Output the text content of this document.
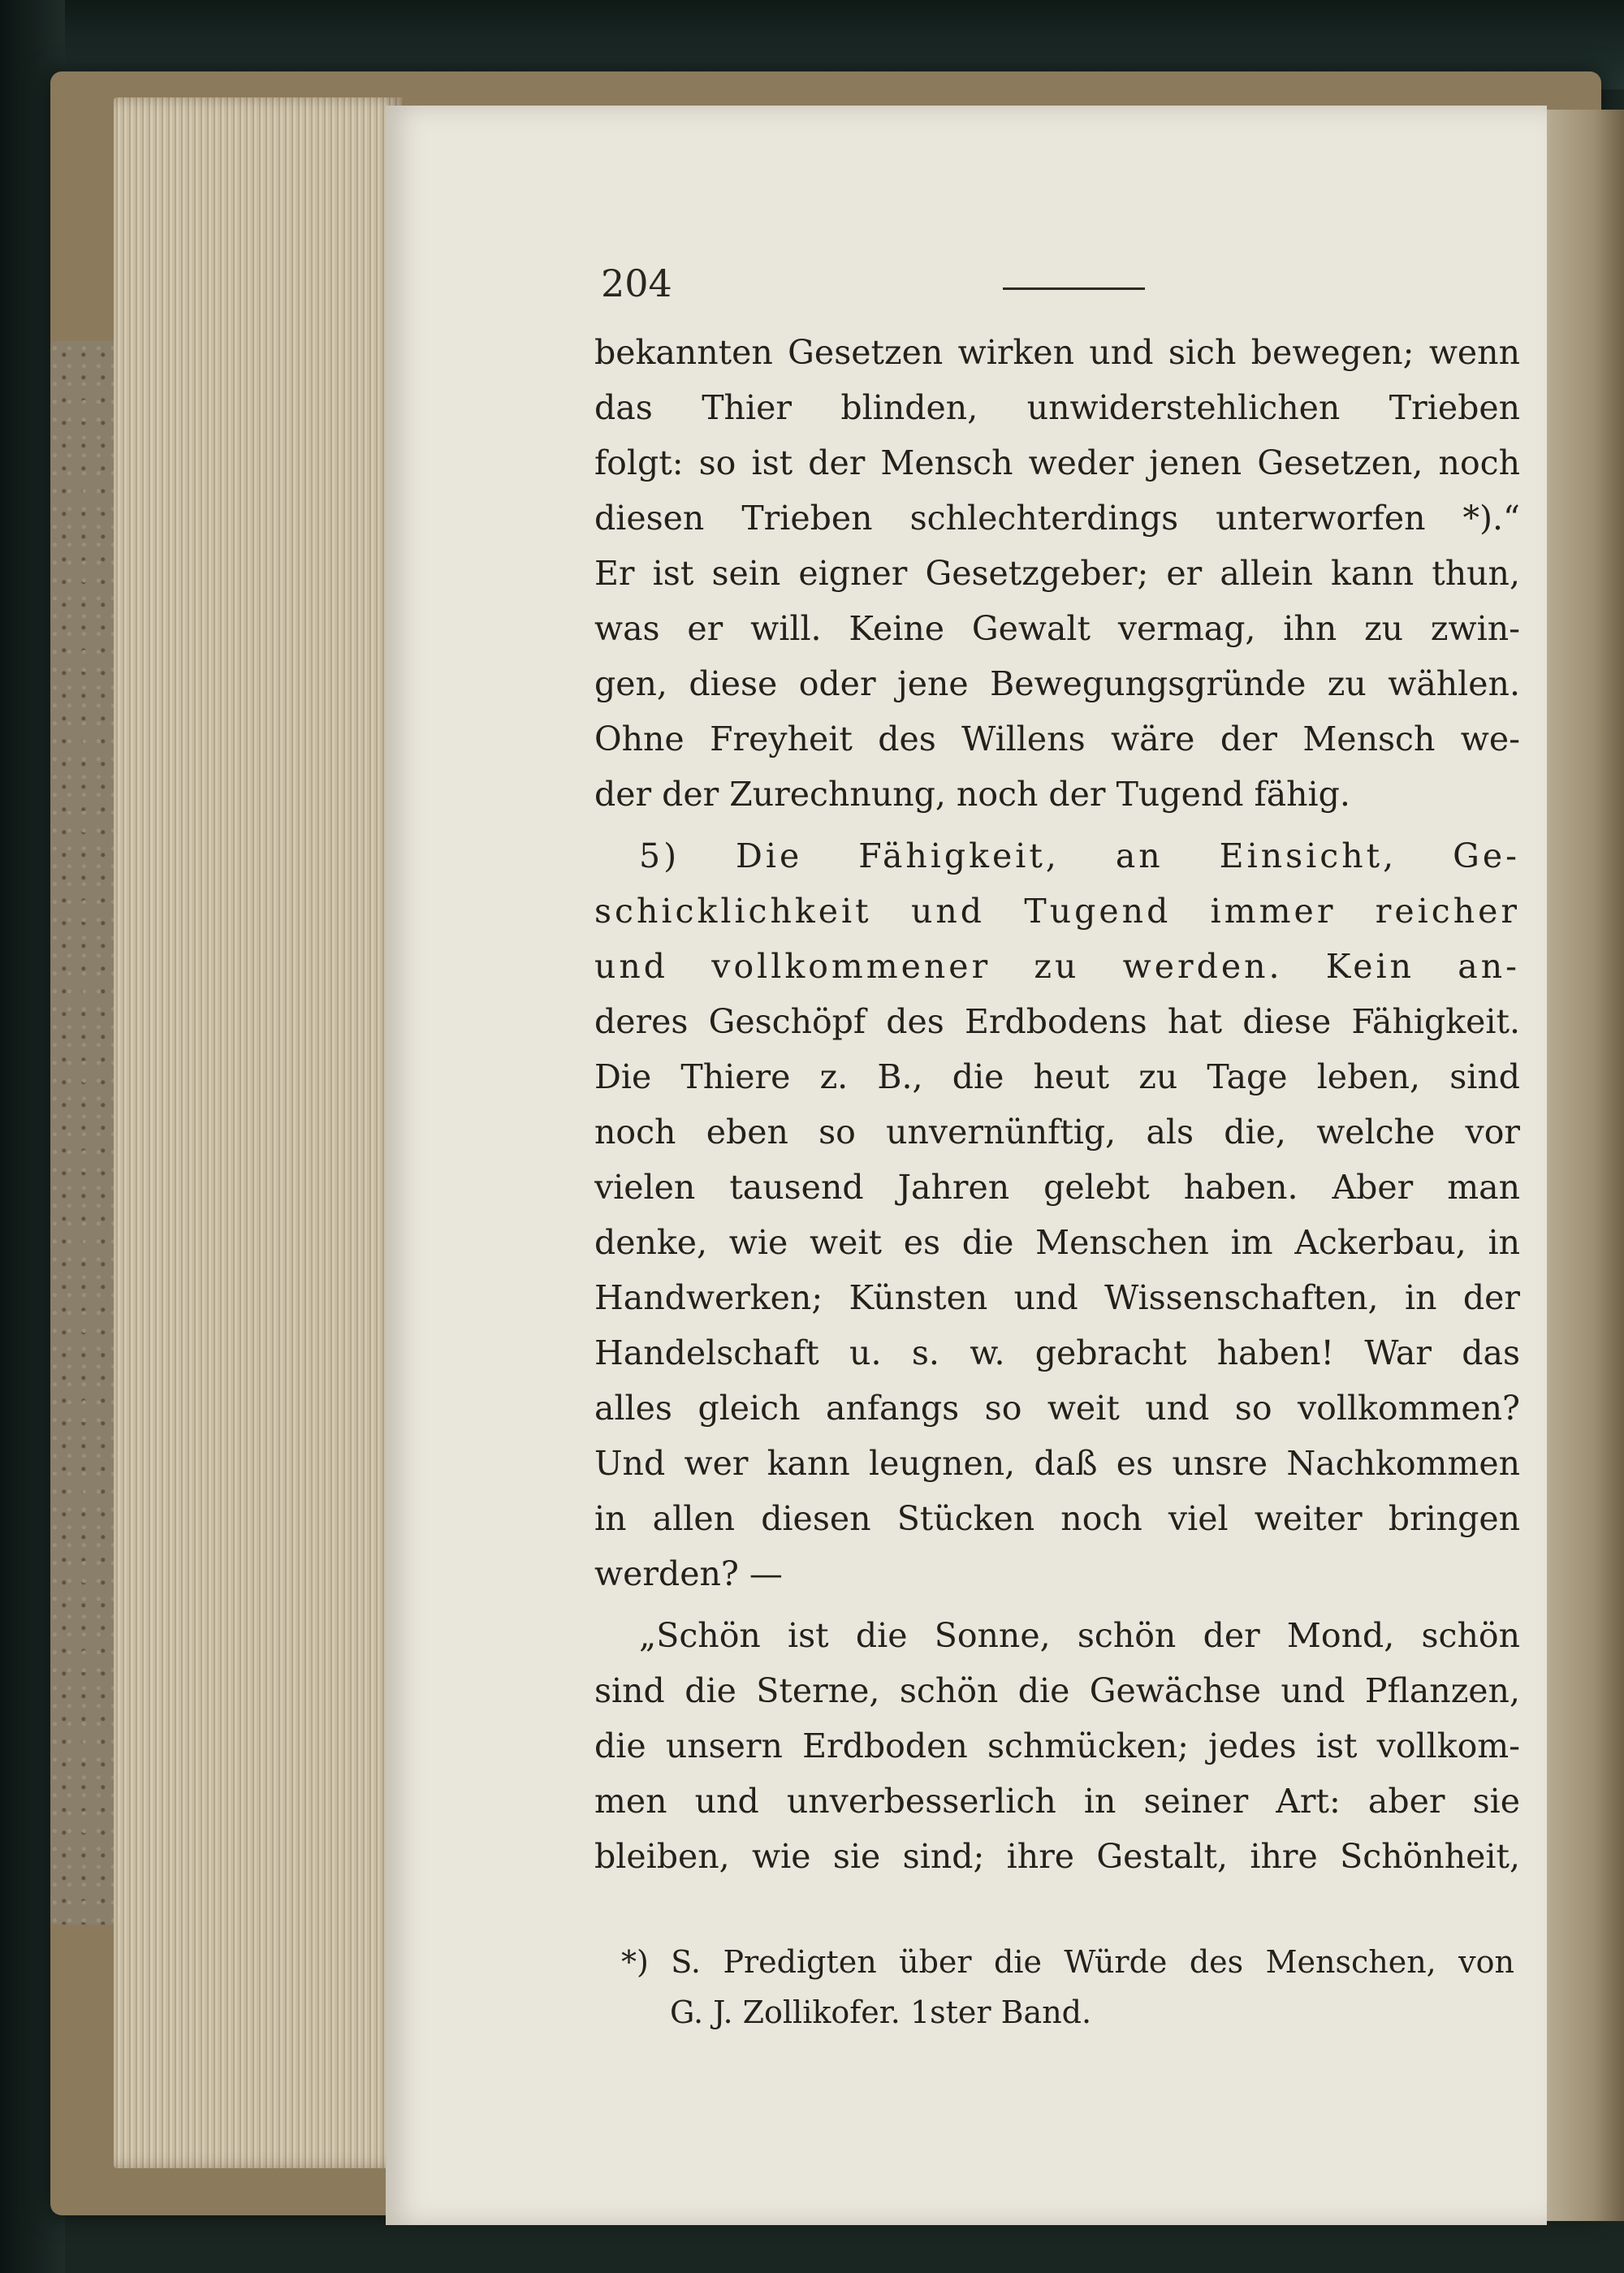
204
bekannten Gesetzen wirken und sich bewegen; wenn
das Thier blinden, unwiderstehlichen Trieben
folgt: so ist der Mensch weder jenen Gesetzen, noch
diesen Trieben schlechterdings unterworfen *).“
Er ist sein eigner Gesetzgeber; er allein kann thun,
was er will. Keine Gewalt vermag, ihn zu zwin-
gen, diese oder jene Bewegungsgründe zu wählen.
Ohne Freyheit des Willens wäre der Mensch we-
der der Zurechnung, noch der Tugend fähig.
5) Die Fähigkeit, an Einsicht, Ge-
schicklichkeit und Tugend immer reicher
und vollkommener zu werden. Kein an-
deres Geschöpf des Erdbodens hat diese Fähigkeit.
Die Thiere z. B., die heut zu Tage leben, sind
noch eben so unvernünftig, als die, welche vor
vielen tausend Jahren gelebt haben. Aber man
denke, wie weit es die Menschen im Ackerbau, in
Handwerken; Künsten und Wissenschaften, in der
Handelschaft u. s. w. gebracht haben! War das
alles gleich anfangs so weit und so vollkommen?
Und wer kann leugnen, daß es unsre Nachkommen
in allen diesen Stücken noch viel weiter bringen
werden? —
„Schön ist die Sonne, schön der Mond, schön
sind die Sterne, schön die Gewächse und Pflanzen,
die unsern Erdboden schmücken; jedes ist vollkom-
men und unverbesserlich in seiner Art: aber sie
bleiben, wie sie sind; ihre Gestalt, ihre Schönheit,
*) S. Predigten über die Würde des Menschen, von
G. J. Zollikofer. 1ster Band.
